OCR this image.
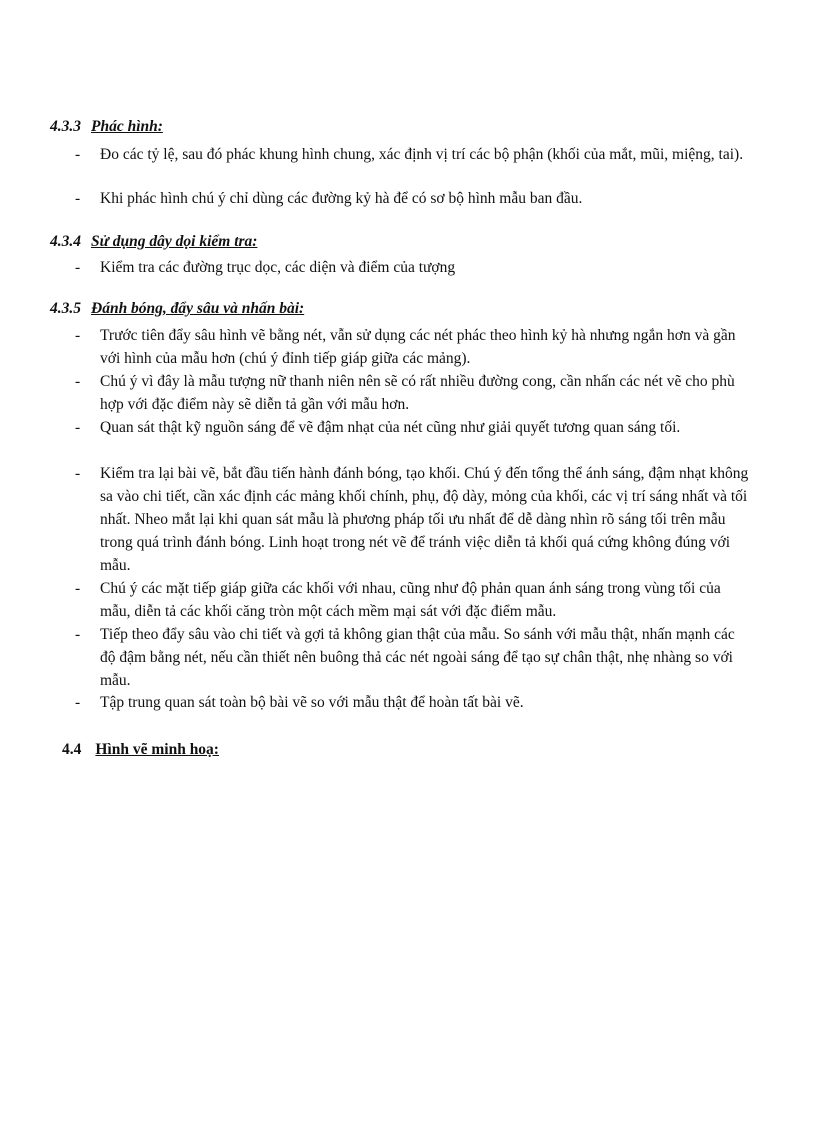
4.3.3 Phác hình:
- Đo các tỷ lệ, sau đó phác khung hình chung, xác định vị trí các bộ phận (khối của mắt, mũi, miệng, tai).
- Khi phác hình chú ý chỉ dùng các đường kỷ hà để có sơ bộ hình mẫu ban đầu.
4.3.4 Sử dụng dây dọi kiểm tra:
- Kiểm tra các đường trục dọc, các diện và điểm của tượng
4.3.5 Đánh bóng, đẩy sâu và nhấn bài:
- Trước tiên đẩy sâu hình vẽ bằng nét, vẫn sử dụng các nét phác theo hình kỷ hà nhưng ngắn hơn và gần với hình của mẫu hơn (chú ý đỉnh tiếp giáp giữa các mảng).
- Chú ý vì đây là mẫu tượng nữ thanh niên nên sẽ có rất nhiều đường cong, cần nhấn các nét vẽ cho phù hợp với đặc điểm này sẽ diễn tả gần với mẫu hơn.
- Quan sát thật kỹ nguồn sáng để vẽ đậm nhạt của nét cũng như giải quyết tương quan sáng tối.
- Kiểm tra lại bài vẽ, bắt đầu tiến hành đánh bóng, tạo khối. Chú ý đến tổng thể ánh sáng, đậm nhạt không sa vào chi tiết, cần xác định các mảng khối chính, phụ, độ dày, mỏng của khối, các vị trí sáng nhất và tối nhất. Nheo mắt lại khi quan sát mẫu là phương pháp tối ưu nhất để dễ dàng nhìn rõ sáng tối trên mẫu trong quá trình đánh bóng. Linh hoạt trong nét vẽ để tránh việc diễn tả khối quá cứng không đúng với mẫu.
- Chú ý các mặt tiếp giáp giữa các khối với nhau, cũng như độ phản quan ánh sáng trong vùng tối của mẫu, diễn tả các khối căng tròn một cách mềm mại sát với đặc điểm mẫu.
- Tiếp theo đẩy sâu vào chi tiết và gợi tả không gian thật của mẫu. So sánh với mẫu thật, nhấn mạnh các độ đậm bằng nét, nếu cần thiết nên buông thả các nét ngoài sáng để tạo sự chân thật, nhẹ nhàng so với mẫu.
- Tập trung quan sát toàn bộ bài vẽ so với mẫu thật để hoàn tất bài vẽ.
4.4 Hình vẽ minh hoạ:
